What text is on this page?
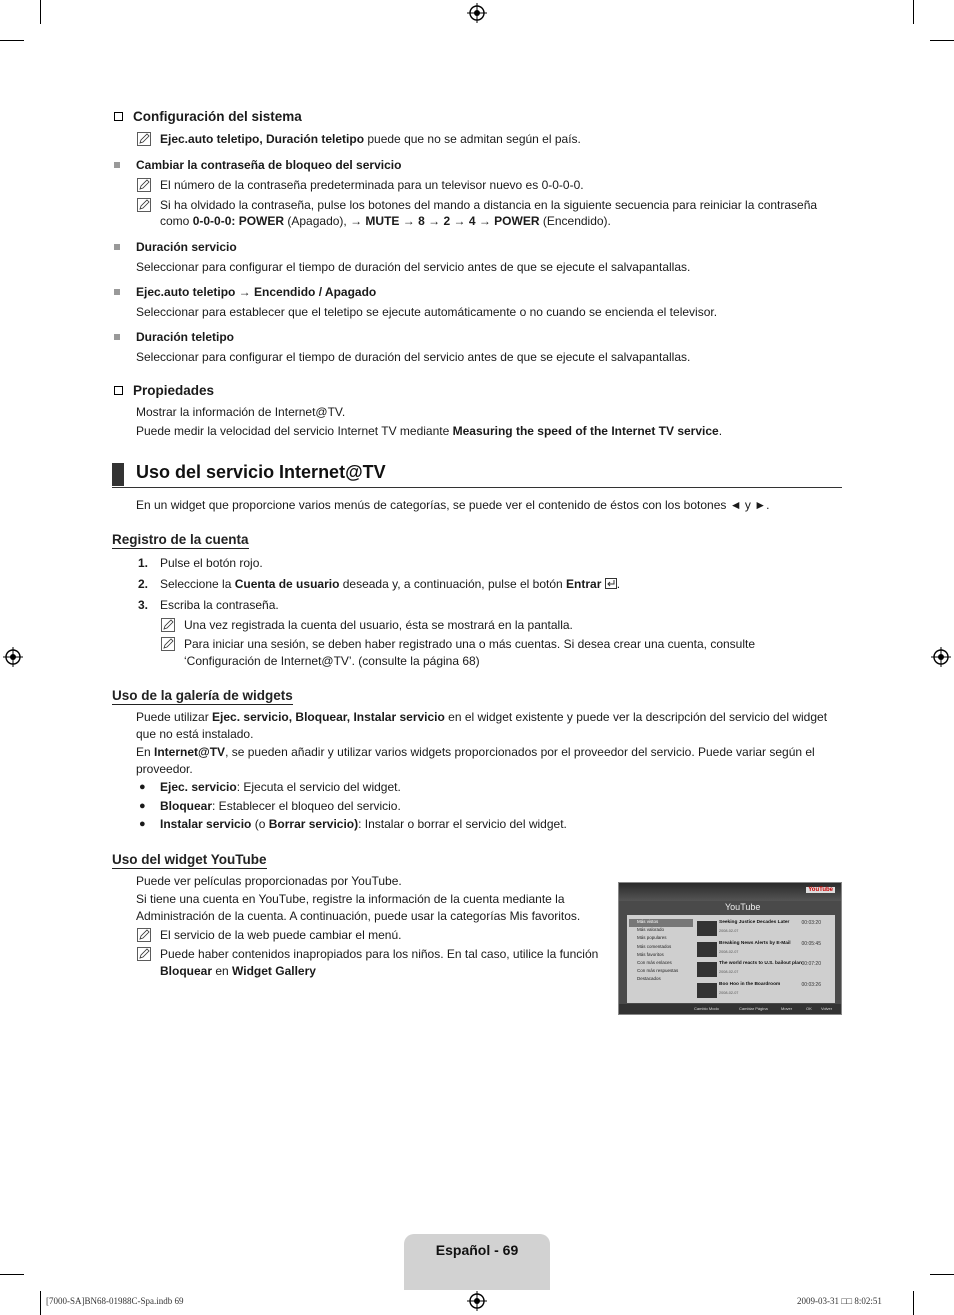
Configuración del sistema
Ejec.auto teletipo, Duración teletipo puede que no se admitan según el país.
Cambiar la contraseña de bloqueo del servicio
El número de la contraseña predeterminada para un televisor nuevo es 0-0-0-0.
Si ha olvidado la contraseña, pulse los botones del mando a distancia en la siguiente secuencia para reiniciar la contraseña
como 0-0-0-0: POWER (Apagado), → MUTE → 8 → 2 → 4 → POWER (Encendido).
Duración servicio
Seleccionar para configurar el tiempo de duración del servicio antes de que se ejecute el salvapantallas.
Ejec.auto teletipo → Encendido / Apagado
Seleccionar para establecer que el teletipo se ejecute automáticamente o no cuando se encienda el televisor.
Duración teletipo
Seleccionar para configurar el tiempo de duración del servicio antes de que se ejecute el salvapantallas.
Propiedades
Mostrar la información de Internet@TV.
Puede medir la velocidad del servicio Internet TV mediante Measuring the speed of the Internet TV service.
Uso del servicio Internet@TV
En un widget que proporcione varios menús de categorías, se puede ver el contenido de éstos con los botones ◄ y ►.
Registro de la cuenta
1. Pulse el botón rojo.
2. Seleccione la Cuenta de usuario deseada y, a continuación, pulse el botón Entrar .
3. Escriba la contraseña.
Una vez registrada la cuenta del usuario, ésta se mostrará en la pantalla.
Para iniciar una sesión, se deben haber registrado una o más cuentas. Si desea crear una cuenta, consulte
‘Configuración de Internet@TV’. (consulte la página 68)
Uso de la galería de widgets
Puede utilizar Ejec. servicio, Bloquear, Instalar servicio en el widget existente y puede ver la descripción del servicio del widget
que no está instalado.
En Internet@TV, se pueden añadir y utilizar varios widgets proporcionados por el proveedor del servicio. Puede variar según el
proveedor.
● Ejec. servicio: Ejecuta el servicio del widget.
● Bloquear: Establecer el bloqueo del servicio.
● Instalar servicio (o Borrar servicio): Instalar o borrar el servicio del widget.
Uso del widget YouTube
Puede ver películas proporcionadas por YouTube.
Si tiene una cuenta en YouTube, registre la información de la cuenta mediante la
Administración de la cuenta. A continuación, puede usar la categorías Mis favoritos.
El servicio de la web puede cambiar el menú.
Puede haber contenidos inapropiados para los niños. En tal caso, utilice la función
Bloquear en Widget Gallery
YouTube
YouTube
Más vistos
Más valorado
Más populares
Más comentados
Más favoritos
Con más enlaces
Con más respuestas
Destacados
Seeking Justice Decades Later
2008-02-07
00:03:20
Breaking News Alerts by E-Mail
2008-02-07
00:05:45
The world reacts to U.S. bailout plan
2008-02-07
00:07:20
Boo Hoo in the Boardroom
2008-02-07
00:03:26
Cambio Modo	Cambiar Página	Mover	OK Volver
Español - 69
[7000-SA]BN68-01988C-Spa.indb 69	2009-03-31 □□ 8:02:51
